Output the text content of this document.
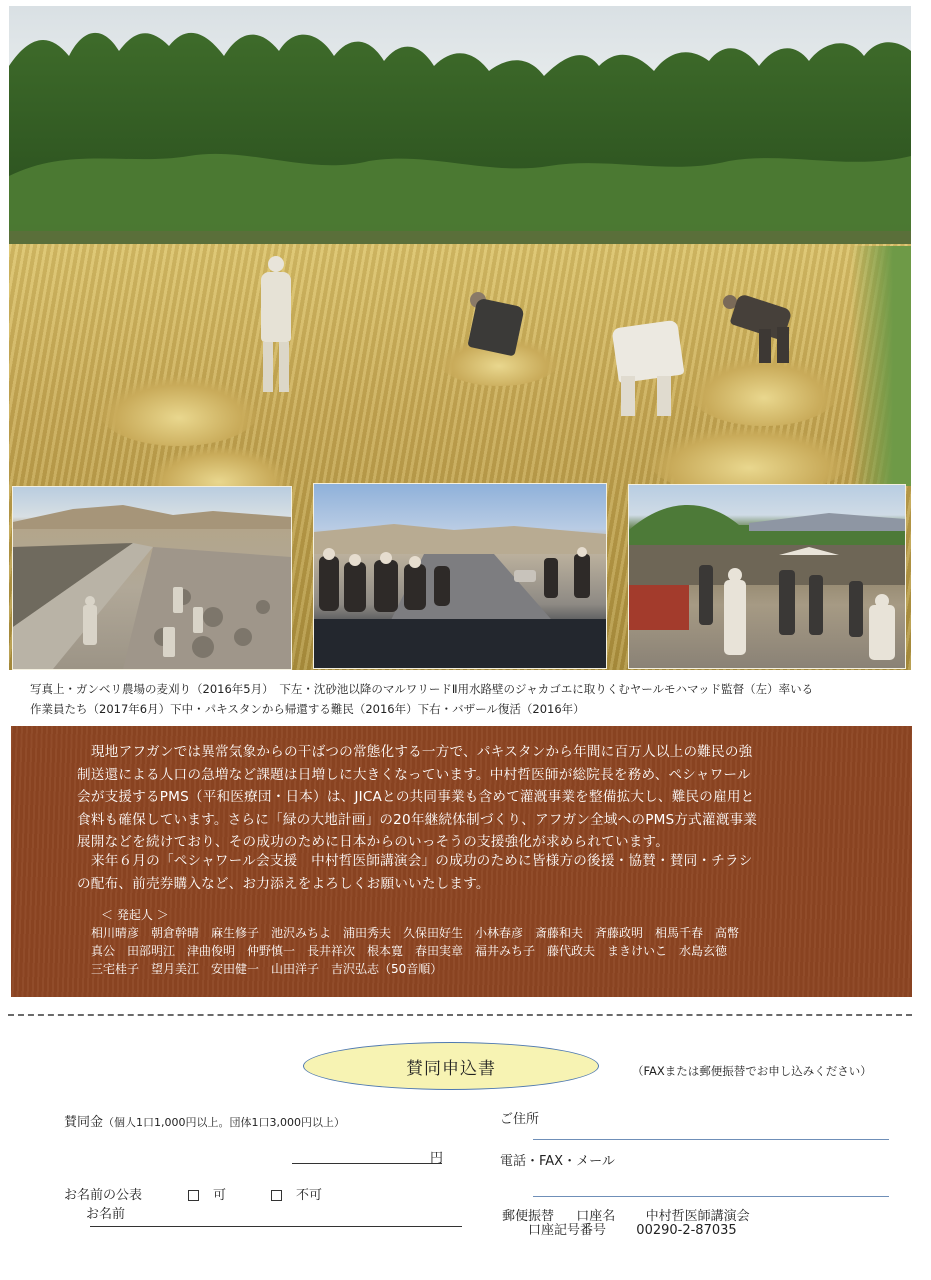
写真上・ガンベリ農場の麦刈り（2016年5月）　下左・沈砂池以降のマルワリードⅡ用水路壁のジャカゴエに取りくむヤールモハマッド監督（左）率いる
作業員たち（2017年6月）下中・パキスタンから帰還する難民（2016年）下右・バザール復活（2016年）
現地アフガンでは異常気象からの干ばつの常態化する一方で、パキスタンから年間に百万人以上の難民の強
制送還による人口の急増など課題は日増しに大きくなっています。中村哲医師が総院長を務め、ペシャワール
会が支援するPMS（平和医療団・日本）は、JICAとの共同事業も含めて灌漑事業を整備拡大し、難民の雇用と
食料も確保しています。さらに「緑の大地計画」の20年継続体制づくり、アフガン全域へのPMS方式灌漑事業
展開などを続けており、その成功のために日本からのいっそうの支援強化が求められています。
来年６月の「ペシャワール会支援　中村哲医師講演会」の成功のために皆様方の後援・協賛・賛同・チラシ
の配布、前売券購入など、お力添えをよろしくお願いいたします。
＜ 発起人 ＞
相川晴彦　朝倉幹晴　麻生修子　池沢みちよ　浦田秀夫　久保田好生　小林春彦　斎藤和夫　斉藤政明　相馬千春　高幣
真公　田部明江　津曲俊明　仲野慎一　長井祥次　根本寛　春田実章　福井みち子　藤代政夫　まきけいこ　水島玄徳
三宅桂子　望月美江　安田健一　山田洋子　吉沢弘志（50音順）
賛同申込書	（FAXまたは郵便振替でお申し込みください）
賛同金（個人1口1,000円以上。団体1口3,000円以上）
円
お名前の公表	可	不可
お名前
ご住所
電話・FAX・メール
郵便振替 口座名 中村哲医師講演会
口座記号番号 00290-2-87035
